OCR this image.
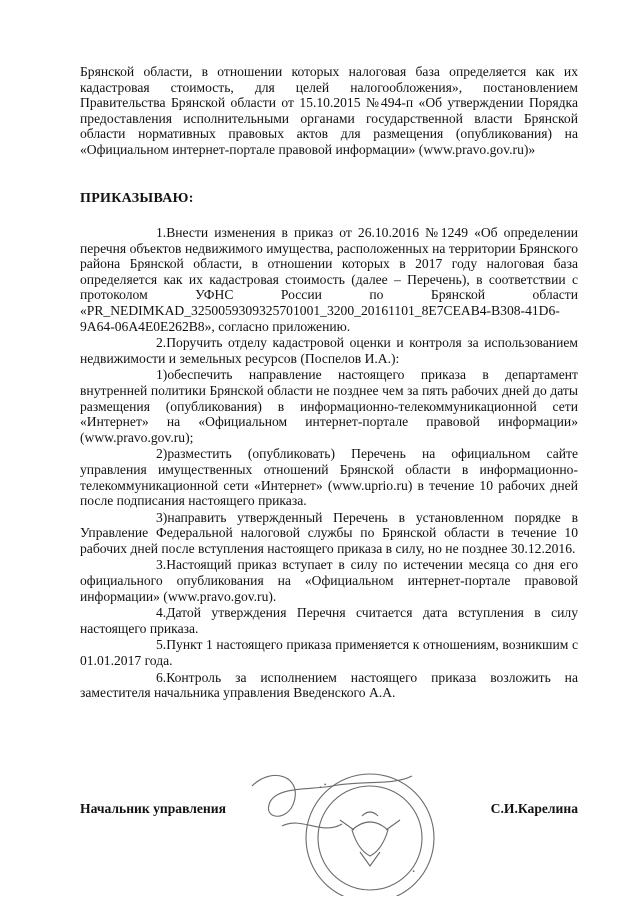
Брянской области, в отношении которых налоговая база определяется как их кадастровая стоимость, для целей налогообложения», постановлением Правительства Брянской области от 15.10.2015 №494-п «Об утверждении Порядка предоставления исполнительными органами государственной власти Брянской области нормативных правовых актов для размещения (опубликования) на «Официальном интернет-портале правовой информации» (www.pravo.gov.ru)»

ПРИКАЗЫВАЮ:

1.Внести изменения в приказ от 26.10.2016 №1249 «Об определении перечня объектов недвижимого имущества, расположенных на территории Брянского района Брянской области, в отношении которых в 2017 году налоговая база определяется как их кадастровая стоимость (далее – Перечень), в соответствии с протоколом УФНС России по Брянской области «PR_NEDIMKAD_3250059309325701001_3200_20161101_8E7CEAB4-B308-41D6-9A64-06A4E0E262B8», согласно приложению.

2.Поручить отделу кадастровой оценки и контроля за использованием недвижимости и земельных ресурсов (Поспелов И.А.):

1)обеспечить направление настоящего приказа в департамент внутренней политики Брянской области не позднее чем за пять рабочих дней до даты размещения (опубликования) в информационно-телекоммуникационной сети «Интернет» на «Официальном интернет-портале правовой информации» (www.pravo.gov.ru);

2)разместить (опубликовать) Перечень на официальном сайте управления имущественных отношений Брянской области в информационно-телекоммуникационной сети «Интернет» (www.uprio.ru) в течение 10 рабочих дней после подписания настоящего приказа.

3)направить утвержденный Перечень в установленном порядке в Управление Федеральной налоговой службы по Брянской области в течение 10 рабочих дней после вступления настоящего приказа в силу, но не позднее 30.12.2016.

3.Настоящий приказ вступает в силу по истечении месяца со дня его официального опубликования на «Официальном интернет-портале правовой информации» (www.pravo.gov.ru).

4.Датой утверждения Перечня считается дата вступления в силу настоящего приказа.

5.Пункт 1 настоящего приказа применяется к отношениям, возникшим с 01.01.2017 года.

6.Контроль за исполнением настоящего приказа возложить на заместителя начальника управления Введенского А.А.

• •
•
Начальник управления	С.И.Карелина
